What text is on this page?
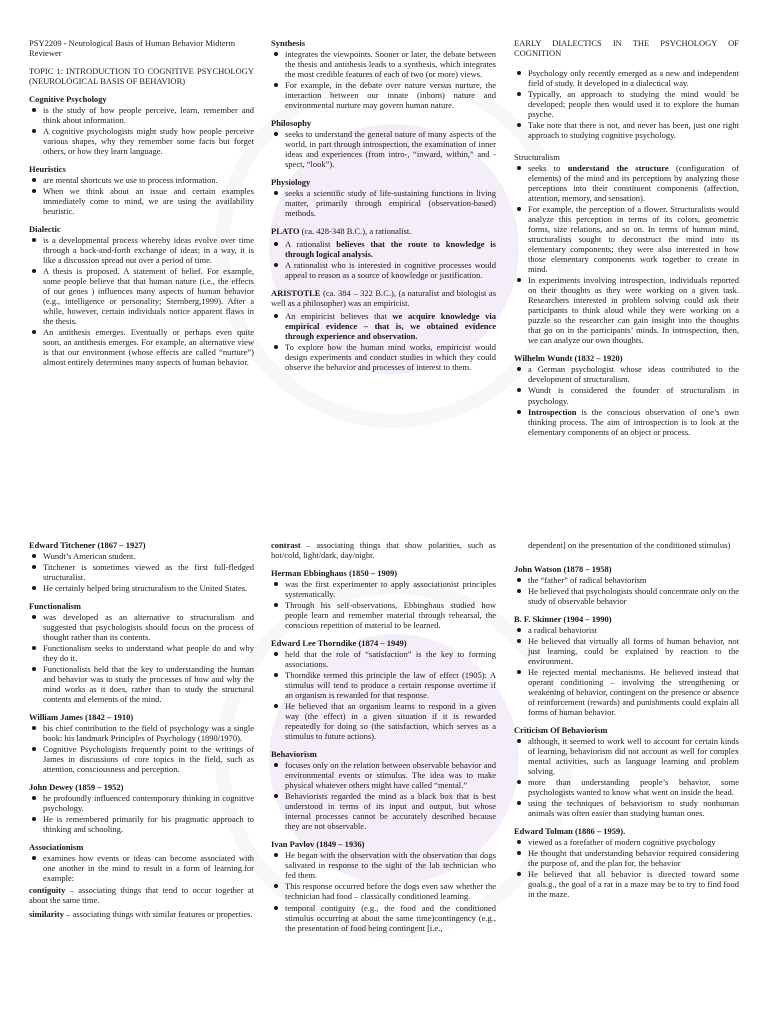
PSY2209 - Neurological Basis of Human Behavior Midterm Reviewer

TOPIC 1: INTRODUCTION TO COGNITIVE PSYCHOLOGY (NEUROLOGICAL BASIS OF BEHAVIOR)

Cognitive Psychology
is the study of how people perceive, learn, remember and think about information.
A cognitive psychologists might study how people perceive various shapes, why they remember some facts but forget others, or how they learn language.
Heuristics
are mental shortcuts we use to process information.
When we think about an issue and certain examples immediately come to mind, we are using the availability heuristic.
Dialectic
is a developmental process whereby ideas evolve over time through a back-and-forth exchange of ideas; in a way, it is like a discussion spread out over a period of time.
A thesis is proposed. A statement of belief. For example, some people believe that that human nature (i.e., the effects of our genes ) influences many aspects of human behavior (e.g., intelligence or personality; Sternberg,1999). After a while, however, certain individuals notice apparent flaws in the thesis.
An antithesis emerges. Eventually or perhaps even quite soon, an antithesis emerges. For example, an alternative view is that our environment (whose effects are called “nurture”) almost entirely determines many aspects of human behavior.
Synthesis
integrates the viewpoints. Sooner or later, the debate between the thesis and antithesis leads to a synthesis, which integrates the most credible features of each of two (or more) views.
For example, in the debate over nature versus nurture, the interaction between our innate (inborn) nature and environmental nurture may govern human nature.
Philosophy
seeks to understand the general nature of many aspects of the world, in part through introspection, the examination of inner ideas and experiences (from intro-, “inward, within,” and -spect, “look”).
Physiology
seeks a scientific study of life-sustaining functions in living matter, primarily through empirical (observation-based) methods.

PLATO (ca. 428-348 B.C.), a rationalist.

A rationalist believes that the route to knowledge is through logical analysis.
A rationalist who is interested in cognitive processes would appeal to reason as a source of knowledge or justification.

ARISTOTLE (ca. 384 – 322 B.C.), (a naturalist and biologist as well as a philosopher) was an empiricist.

An empiricist believes that we acquire knowledge via empirical evidence – that is, we obtained evidence through experience and observation.
To explore how the human mind works, empiricist would design experiments and conduct studies in which they could observe the behavior and processes of interest to them.

EARLY DIALECTICS IN THE PSYCHOLOGY OF COGNITION

Psychology only recently emerged as a new and independent field of study. It developed in a dialectical way.
Typically, an approach to studying the mind would be developed; people then would used it to explore the human psyche.
Take note that there is not, and never has been, just one right approach to studying cognitive psychology.
Structuralism
seeks to understand the structure (configuration of elements) of the mind and its perceptions by analyzing those perceptions into their constituent components (affection, attention, memory, and sensation).
For example, the perception of a flower. Structuralists would analyze this perception in terms of its colors, geometric forms, size relations, and so on. In terms of human mind, structuralists sought to deconstruct the mind into its elementary components; they were also interested in how those elementary components work together to create in mind.
In experiments involving introspection, individuals reported on their thoughts as they were working on a given task. Researchers interested in problem solving could ask their participants to think aloud while they were working on a puzzle so the researcher can gain insight into the thoughts that go on in the participants’ minds. In introspection, then, we can analyze our own thoughts.
Wilhelm Wundt (1832 – 1920)
a German psychologist whose ideas contributed to the development of structuralism.
Wundt is considered the founder of structuralism in psychology.
Introspection is the conscious observation of one’s own thinking process. The aim of introspection is to look at the elementary components of an object or process.
Edward Titchener (1867 – 1927)
Wundt’s American student.
Titchener is sometimes viewed as the first full-fledged structuralist.
He certainly helped bring structuralism to the United States.
Functionalism
was developed as an alternative to structuralism and suggested that psychologists should focus on the process of thought rather than its contents.
Functionalism seeks to understand what people do and why they do it.
Functionalists held that the key to understanding the human and behavior was to study the processes of how and why the mind works as it does, rather than to study the structural contents and elements of the mind.
William James (1842 – 1910)
his chief contribution to the field of psychology was a single book: his landmark Principles of Psychology (1890/1970).
Cognitive Psychologists frequently point to the writings of James in discussions of core topics in the field, such as attention, consciousness and perception.
John Dewey (1859 – 1952)
he profoundly influenced contemporary thinking in cognitive psychology.
He is remembered primarily for his pragmatic approach to thinking and schooling.
Associationism
examines how events or ideas can become associated with one another in the mind to result in a form of learning.for example:

contiguity – associating things that tend to occur together at about the same time.

similarity – associating things with similar features or properties.

contrast – associating things that show polarities, such as hot/cold, light/dark, day/night.

Herman Ebbinghaus (1850 – 1909)
was the first experimenter to apply associationist principles systematically.
Through his self-observations, Ebbinghaus studied how people learn and remember material through rehearsal, the conscious repetition of material to be learned.
Edward Lee Thorndike (1874 – 1949)
held that the role of “satisfaction” is the key to forming associations.
Thorndike termed this principle the law of effect (1905): A stimulus will tend to produce a certain response overtime if an organism is rewarded for that response.
He believed that an organism learns to respond in a given way (the effect) in a given situation if it is rewarded repeatedly for doing so (the satisfaction, which serves as a stimulus to future actions).
Behaviorism
focuses only on the relation between observable behavior and environmental events or stimulus. The idea was to make physical whatever others might have called “mental.”
Behaviorists regarded the mind as a black box that is best understood in terms of its input and output, but whose internal processes cannot be accurately described because they are not observable.
Ivan Pavlov (1849 – 1936)
He began with the observation with the observation that dogs salivated in response to the sight of the lab technician who fed them.
This response occurred before the dogs even saw whether the technician had food – classically conditioned learning.
temporal contiguity (e.g., the food and the conditioned stimulus occurring at about the same time)contingency (e.g., the presentation of food being contingent [i.e.,

dependent] on the presentation of the conditioned stimulus)

John Watson (1878 – 1958)
the “father” of radical behaviorism
He believed that psychologists should concentrate only on the study of observable behavior
B. F. Skinner (1904 – 1990)
a radical behaviorist
He believed that virtually all forms of human behavior, not just learning, could be explained by reaction to the environment.
He rejected mental mechanisms. He believed instead that operant conditioning – involving the strengthening or weakening of behavior, contingent on the presence or absence of reinforcement (rewards) and punishments could explain all forms of human behavior.
Criticism Of Behaviorism
although, it seemed to work well to account for certain kinds of learning, behaviorism did not account as well for complex mental activities, such as language learning and problem solving.
more than understanding people’s behavior, some psychologists wanted to know what went on inside the head.
using the techniques of behaviorism to study nonhuman animals was often easier than studying human ones.
Edward Tolman (1886 – 1959).
viewed as a forefather of modern cognitive psychology
He thought that understanding behavior required considering the purpose of, and the plan for, the behavior
He believed that all behavior is directed toward some goals.g., the goal of a rat in a maze may be to try to find food in the maze.
